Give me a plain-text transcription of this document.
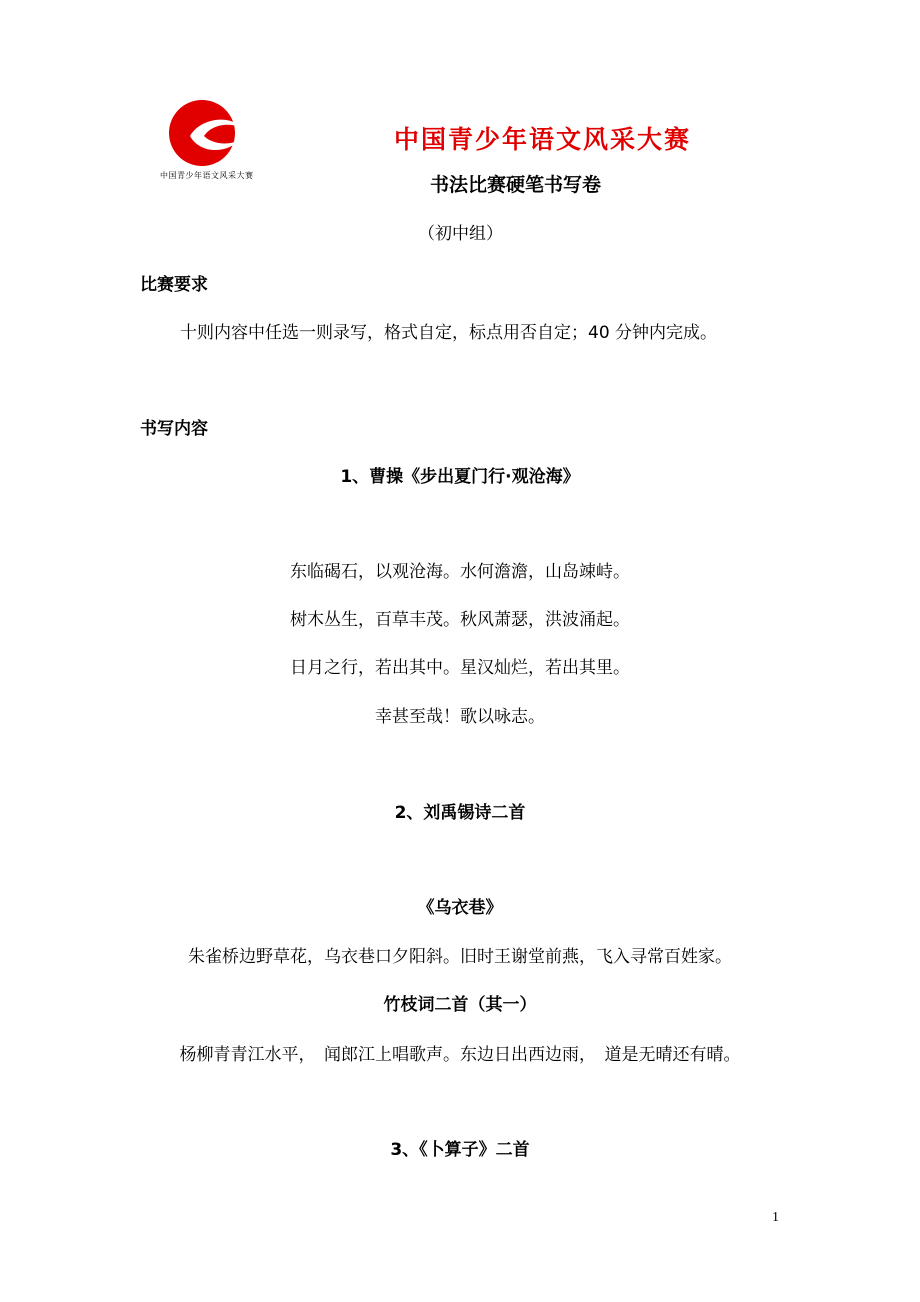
中国青少年语文风采大赛
中国青少年语文风采大赛
书法比赛硬笔书写卷
（初中组）
比赛要求
十则内容中任选一则录写，格式自定，标点用否自定；40 分钟内完成。
书写内容
1、曹操《步出夏门行·观沧海》
东临碣石，以观沧海。水何澹澹，山岛竦峙。
树木丛生，百草丰茂。秋风萧瑟，洪波涌起。
日月之行，若出其中。星汉灿烂，若出其里。
幸甚至哉！歌以咏志。
2、刘禹锡诗二首
《乌衣巷》
朱雀桥边野草花，乌衣巷口夕阳斜。旧时王谢堂前燕，飞入寻常百姓家。
竹枝词二首（其一）
杨柳青青江水平，　闻郎江上唱歌声。东边日出西边雨，　道是无晴还有晴。
3、《卜算子》二首
1
